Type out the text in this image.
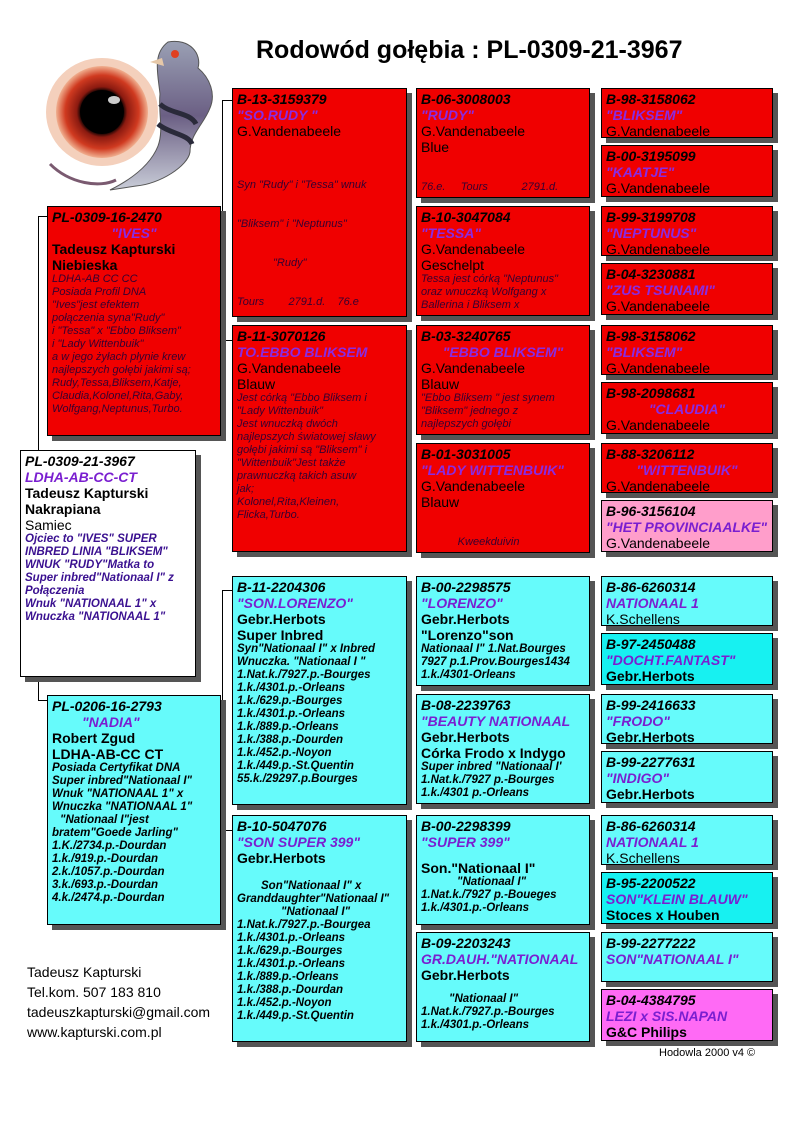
Rodowód gołębia : PL-0309-21-3967
PL-0309-21-3967
LDHA-AB-CC-CT
Tadeusz Kapturski
Nakrapiana
Samiec
Ojciec to "IVES" SUPER
INBRED LINIA "BLIKSEM"
WNUK "RUDY"Matka to
Super inbred"Nationaal I" z
Połączenia
Wnuk "NATIONAAL 1" x
Wnuczka "NATIONAAL 1"
PL-0309-16-2470
"IVES"
Tadeusz Kapturski
Niebieska
LDHA-AB CC CC
Posiada Profil DNA
"Ives"jest efektem
połączenia syna"Rudy"
i "Tessa" x "Ebbo Bliksem"
i "Lady Wittenbuik"
a w jego żyłach płynie krew
najlepszych gołębi jakimi są;
Rudy,Tessa,Bliksem,Katje,
Claudia,Kolonel,Rita,Gaby,
Wolfgang,Neptunus,Turbo.
PL-0206-16-2793
"NADIA"
Robert Zgud
LDHA-AB-CC CT
Posiada Certyfikat DNA
Super inbred"Nationaal I"
Wnuk "NATIONAAL 1" x
Wnuczka "NATIONAAL 1"
"Nationaal I"jest
bratem"Goede Jarling"
1.K./2734.p.-Dourdan
1.k./919.p.-Dourdan
2.k./1057.p.-Dourdan
3.k./693.p.-Dourdan
4.k./2474.p.-Dourdan
B-13-3159379
"SO.RUDY "
G.Vandenabeele

Syn "Rudy" i "Tessa" wnuk

"Bliksem" i "Neptunus"

"Rudy"

Tours        2791.d.    76.e

B-11-3070126
TO.EBBO BLIKSEM
G.Vandenabeele
Blauw
Jest córką "Ebbo Bliksem i
"Lady Wittenbuik"
Jest wnuczką dwóch
najlepszych światowej sławy
gołębi jakimi są "Bliksem" i
"Wittenbuik"Jest także
prawnuczką takich asuw
jak;
Kolonel,Rita,Kleinen,
Flicka,Turbo.
B-11-2204306
"SON.LORENZO"
Gebr.Herbots
Super Inbred
Syn"Nationaal I" x Inbred
Wnuczka. "Nationaal I "
1.Nat.k./7927.p.-Bourges
1.k./4301.p.-Orleans
1.k./629.p.-Bourges
1.k./4301.p.-Orleans
1.k./889.p.-Orleans
1.k./388.p.-Dourden
1.k./452.p.-Noyon
1.k./449.p.-St.Quentin
55.k./29297.p.Bourges
B-10-5047076
"SON SUPER 399"
Gebr.Herbots
Son"Nationaal I" x
Granddaughter"Nationaal I"
"Nationaal I"
1.Nat.k./7927.p.-Bourgea
1.k./4301.p.-Orleans
1.k./629.p.-Bourges
1.k./4301.p.-Orleans
1.k./889.p.-Orleans
1.k./388.p.-Dourdan
1.k./452.p.-Noyon
1.k./449.p.-St.Quentin
B-06-3008003
"RUDY"
G.Vandenabeele
Blue

76.e.     Tours           2791.d.

B-10-3047084
"TESSA"
G.Vandenabeele
Geschelpt
Tessa jest córką "Neptunus"
oraz wnuczką Wolfgang x
Ballerina i Bliksem x
B-03-3240765
"EBBO BLIKSEM"
G.Vandenabeele
Blauw
"Ebbo Bliksem " jest synem
"Bliksem" jednego z
najlepszych gołębi
B-01-3031005
"LADY WITTENBUIK"
G.Vandenabeele
Blauw

Kweekduivin

B-00-2298575
"LORENZO"
Gebr.Herbots
"Lorenzo"son
Nationaal I" 1.Nat.Bourges
7927 p.1.Prov.Bourges1434
1.k./4301-Orleans
B-08-2239763
"BEAUTY NATIONAAL
Gebr.Herbots
Córka Frodo x Indygo
Super inbred "Nationaal I'
1.Nat.k./7927 p.-Bourges
1.k./4301 p.-Orleans
B-00-2298399
"SUPER 399"
Son."Nationaal I"
"Nationaal I"
1.Nat.k./7927 p.-Boueges
1.k./4301.p.-Orleans
B-09-2203243
GR.DAUH."NATIONAAL
Gebr.Herbots
"Nationaal I"
1.Nat.k./7927.p.-Bourges
1.k./4301.p.-Orleans
B-98-3158062
"BLIKSEM"
G.Vandenabeele
B-00-3195099
"KAATJE"
G.Vandenabeele
B-99-3199708
"NEPTUNUS"
G.Vandenabeele
B-04-3230881
"ZUS TSUNAMI"
G.Vandenabeele
B-98-3158062
"BLIKSEM"
G.Vandenabeele
B-98-2098681
"CLAUDIA"
G.Vandenabeele
B-88-3206112
"WITTENBUIK"
G.Vandenabeele
B-96-3156104
"HET PROVINCIAALKE"
G.Vandenabeele
B-86-6260314
NATIONAAL 1
K.Schellens
B-97-2450488
"DOCHT.FANTAST"
Gebr.Herbots
B-99-2416633
"FRODO"
Gebr.Herbots
B-99-2277631
"INDIGO"
Gebr.Herbots
B-86-6260314
NATIONAAL 1
K.Schellens
B-95-2200522
SON"KLEIN BLAUW"
Stoces x Houben
B-99-2277222
SON"NATIONAAL I"
B-04-4384795
LEZI x SIS.NAPAN
G&C Philips
Tadeusz Kapturski
Tel.kom. 507 183 810
tadeuszkapturski@gmail.com
www.kapturski.com.pl
Hodowla 2000 v4 ©
